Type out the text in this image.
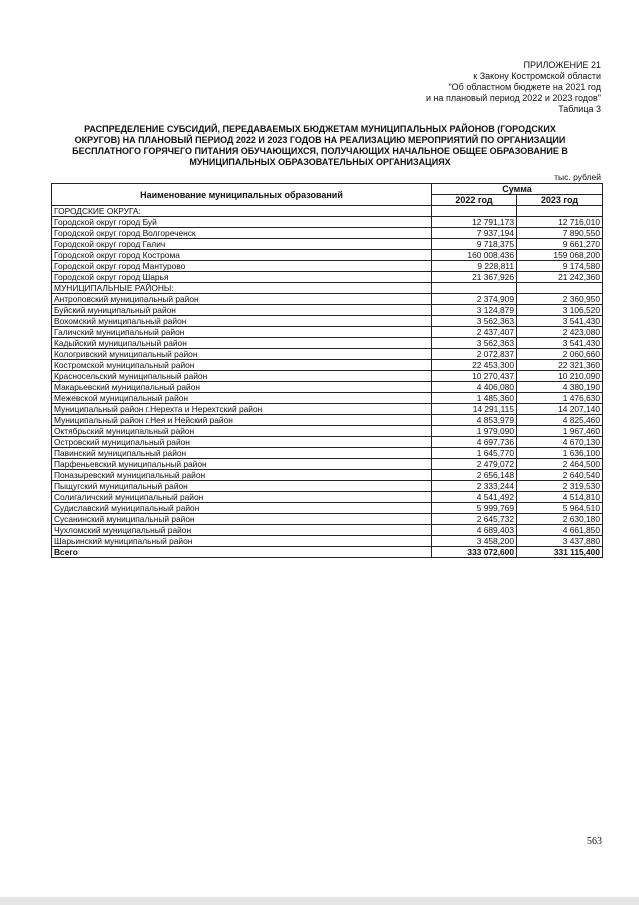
ПРИЛОЖЕНИЕ 21
к Закону Костромской области
"Об областном бюджете на 2021 год
и на плановый период 2022 и 2023 годов"
Таблица 3
РАСПРЕДЕЛЕНИЕ СУБСИДИЙ, ПЕРЕДАВАЕМЫХ БЮДЖЕТАМ МУНИЦИПАЛЬНЫХ РАЙОНОВ (ГОРОДСКИХ
ОКРУГОВ) НА ПЛАНОВЫЙ ПЕРИОД 2022 И 2023 ГОДОВ НА РЕАЛИЗАЦИЮ МЕРОПРИЯТИЙ ПО ОРГАНИЗАЦИИ
БЕСПЛАТНОГО ГОРЯЧЕГО ПИТАНИЯ ОБУЧАЮЩИХСЯ, ПОЛУЧАЮЩИХ НАЧАЛЬНОЕ ОБЩЕЕ ОБРАЗОВАНИЕ В
МУНИЦИПАЛЬНЫХ ОБРАЗОВАТЕЛЬНЫХ ОРГАНИЗАЦИЯХ
тыс. рублей
Наименование муниципальных образований	Сумма	
	2022 год	2023 год
ГОРОДСКИЕ ОКРУГА:		
Городской округ город Буй	12 791,173	12 716,010
Городской округ город Волгореченск	7 937,194	7 890,550
Городской округ город Галич	9 718,375	9 661,270
Городской округ город Кострома	160 008,436	159 068,200
Городской округ город Мантурово	9 228,811	9 174,580
Городской округ город Шарья	21 367,926	21 242,360
МУНИЦИПАЛЬНЫЕ РАЙОНЫ:		
Антроповский муниципальный район	2 374,909	2 360,950
Буйский муниципальный район	3 124,879	3 106,520
Вохомский муниципальный район	3 562,363	3 541,430
Галичский муниципальный район	2 437,407	2 423,080
Кадыйский муниципальный район	3 562,363	3 541,430
Кологривский муниципальный район	2 072,837	2 060,660
Костромской муниципальный район	22 453,300	22 321,360
Красносельский муниципальный район	10 270,437	10 210,090
Макарьевский муниципальный район	4 406,080	4 380,190
Межевской муниципальный район	1 485,360	1 476,630
Муниципальный район г.Нерехта и Нерехтский район	14 291,115	14 207,140
Муниципальный район г.Нея и Нейский район	4 853,979	4 825,460
Октябрьский муниципальный район	1 979,090	1 967,460
Островский муниципальный район	4 697,736	4 670,130
Павинский муниципальный район	1 645,770	1 636,100
Парфеньевский муниципальный район	2 479,072	2 464,500
Поназыревский муниципальный район	2 656,148	2 640,540
Пыщугский муниципальный район	2 333,244	2 319,530
Солигаличский муниципальный район	4 541,492	4 514,810
Судиславский муниципальный район	5 999,769	5 964,510
Сусанинский муниципальный район	2 645,732	2 630,180
Чухломский муниципальный район	4 689,403	4 661,850
Шарьинский муниципальный район	3 458,200	3 437,880
Всего	333 072,600	331 115,400
563
